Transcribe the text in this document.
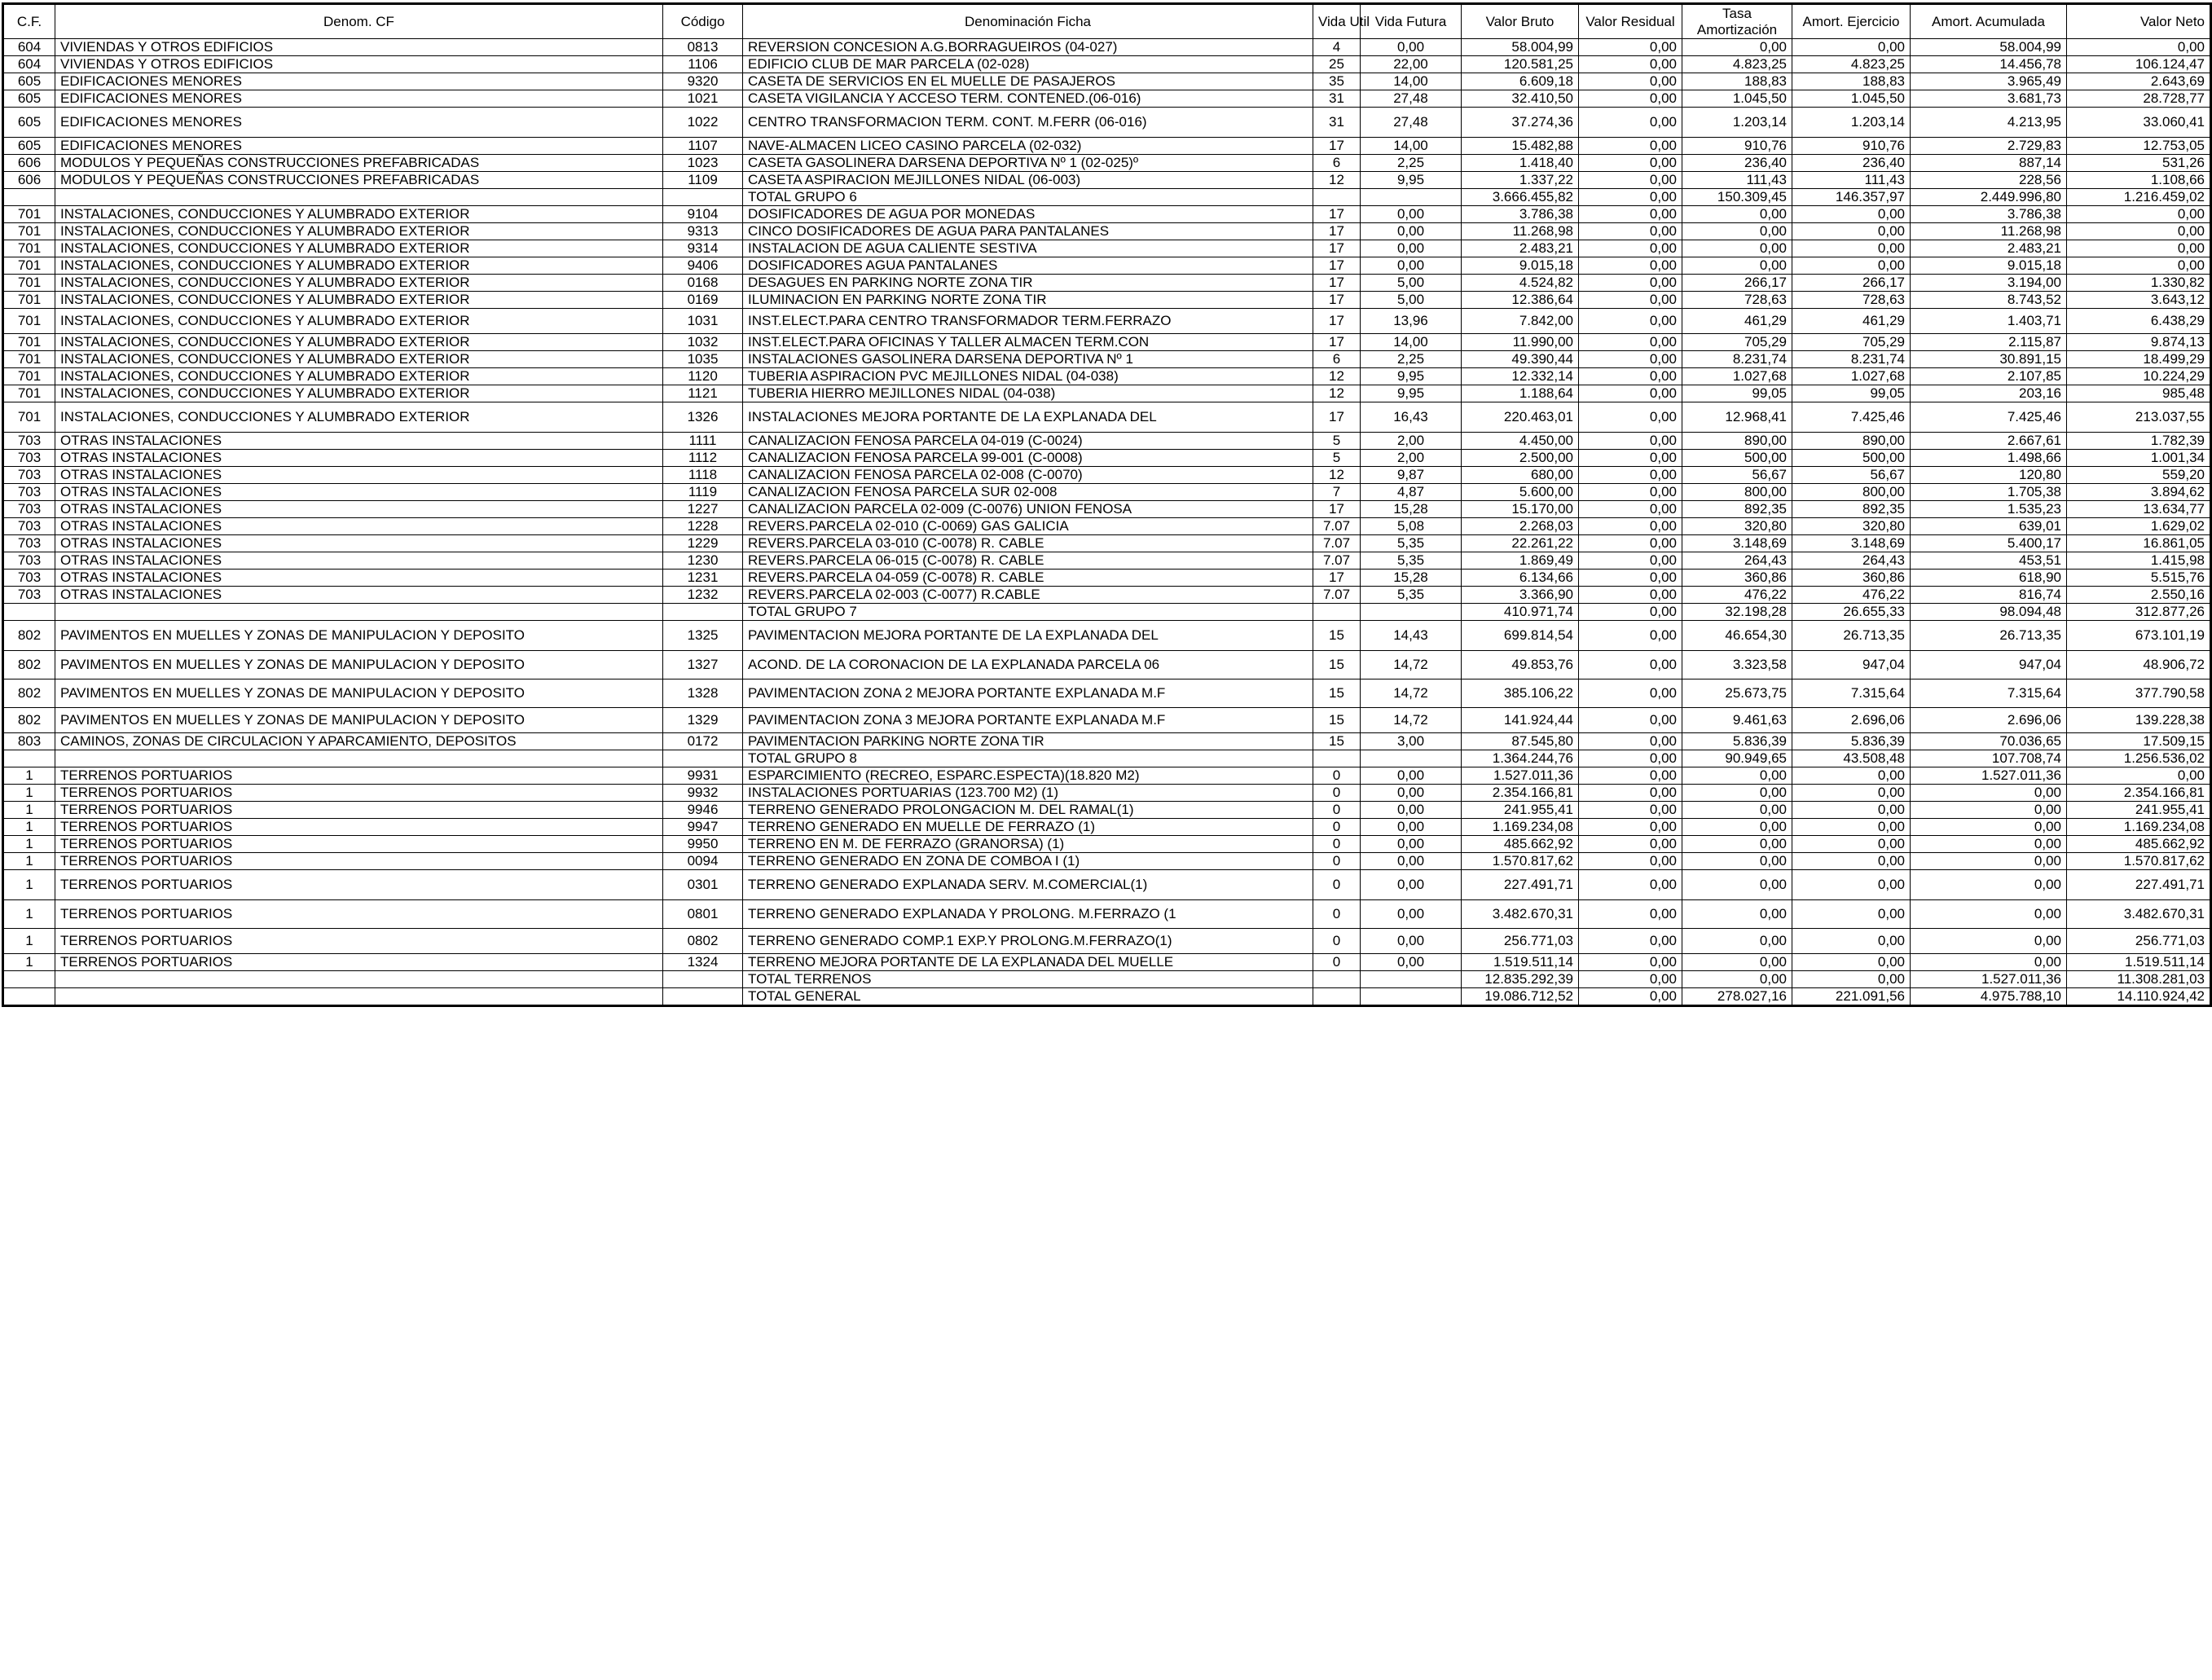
C.F.	Denom. CF	Código	Denominación Ficha	Vida Util	Vida Futura	Valor Bruto	Valor Residual	Tasa Amortización	Amort. Ejercicio	Amort. Acumulada	Valor Neto
604	VIVIENDAS Y OTROS EDIFICIOS	0813	REVERSION CONCESION A.G.BORRAGUEIROS (04-027)	4	0,00	58.004,99	0,00	0,00	0,00	58.004,99	0,00
604	VIVIENDAS Y OTROS EDIFICIOS	1106	EDIFICIO CLUB DE MAR PARCELA (02-028)	25	22,00	120.581,25	0,00	4.823,25	4.823,25	14.456,78	106.124,47
605	EDIFICACIONES MENORES	9320	CASETA DE SERVICIOS EN EL MUELLE DE PASAJEROS	35	14,00	6.609,18	0,00	188,83	188,83	3.965,49	2.643,69
605	EDIFICACIONES MENORES	1021	CASETA VIGILANCIA Y ACCESO TERM. CONTENED.(06-016)	31	27,48	32.410,50	0,00	1.045,50	1.045,50	3.681,73	28.728,77
605	EDIFICACIONES MENORES	1022	CENTRO TRANSFORMACION TERM. CONT. M.FERR (06-016)	31	27,48	37.274,36	0,00	1.203,14	1.203,14	4.213,95	33.060,41
605	EDIFICACIONES MENORES	1107	NAVE-ALMACEN LICEO CASINO PARCELA (02-032)	17	14,00	15.482,88	0,00	910,76	910,76	2.729,83	12.753,05
606	MODULOS Y PEQUEÑAS CONSTRUCCIONES PREFABRICADAS	1023	CASETA GASOLINERA DARSENA DEPORTIVA Nº 1 (02-025)º	6	2,25	1.418,40	0,00	236,40	236,40	887,14	531,26
606	MODULOS Y PEQUEÑAS CONSTRUCCIONES PREFABRICADAS	1109	CASETA ASPIRACION MEJILLONES NIDAL (06-003)	12	9,95	1.337,22	0,00	111,43	111,43	228,56	1.108,66
			TOTAL GRUPO 6			3.666.455,82	0,00	150.309,45	146.357,97	2.449.996,80	1.216.459,02
701	INSTALACIONES, CONDUCCIONES Y ALUMBRADO EXTERIOR	9104	DOSIFICADORES DE AGUA POR MONEDAS	17	0,00	3.786,38	0,00	0,00	0,00	3.786,38	0,00
701	INSTALACIONES, CONDUCCIONES Y ALUMBRADO EXTERIOR	9313	CINCO DOSIFICADORES DE AGUA PARA PANTALANES	17	0,00	11.268,98	0,00	0,00	0,00	11.268,98	0,00
701	INSTALACIONES, CONDUCCIONES Y ALUMBRADO EXTERIOR	9314	INSTALACION DE AGUA CALIENTE SESTIVA	17	0,00	2.483,21	0,00	0,00	0,00	2.483,21	0,00
701	INSTALACIONES, CONDUCCIONES Y ALUMBRADO EXTERIOR	9406	DOSIFICADORES AGUA PANTALANES	17	0,00	9.015,18	0,00	0,00	0,00	9.015,18	0,00
701	INSTALACIONES, CONDUCCIONES Y ALUMBRADO EXTERIOR	0168	DESAGUES EN PARKING NORTE ZONA TIR	17	5,00	4.524,82	0,00	266,17	266,17	3.194,00	1.330,82
701	INSTALACIONES, CONDUCCIONES Y ALUMBRADO EXTERIOR	0169	ILUMINACION EN PARKING NORTE ZONA TIR	17	5,00	12.386,64	0,00	728,63	728,63	8.743,52	3.643,12
701	INSTALACIONES, CONDUCCIONES Y ALUMBRADO EXTERIOR	1031	INST.ELECT.PARA CENTRO TRANSFORMADOR TERM.FERRAZO	17	13,96	7.842,00	0,00	461,29	461,29	1.403,71	6.438,29
701	INSTALACIONES, CONDUCCIONES Y ALUMBRADO EXTERIOR	1032	INST.ELECT.PARA OFICINAS Y TALLER ALMACEN TERM.CON	17	14,00	11.990,00	0,00	705,29	705,29	2.115,87	9.874,13
701	INSTALACIONES, CONDUCCIONES Y ALUMBRADO EXTERIOR	1035	INSTALACIONES GASOLINERA DARSENA DEPORTIVA Nº 1	6	2,25	49.390,44	0,00	8.231,74	8.231,74	30.891,15	18.499,29
701	INSTALACIONES, CONDUCCIONES Y ALUMBRADO EXTERIOR	1120	TUBERIA ASPIRACION PVC MEJILLONES NIDAL (04-038)	12	9,95	12.332,14	0,00	1.027,68	1.027,68	2.107,85	10.224,29
701	INSTALACIONES, CONDUCCIONES Y ALUMBRADO EXTERIOR	1121	TUBERIA HIERRO MEJILLONES NIDAL (04-038)	12	9,95	1.188,64	0,00	99,05	99,05	203,16	985,48
701	INSTALACIONES, CONDUCCIONES Y ALUMBRADO EXTERIOR	1326	INSTALACIONES MEJORA PORTANTE DE LA EXPLANADA DEL	17	16,43	220.463,01	0,00	12.968,41	7.425,46	7.425,46	213.037,55
703	OTRAS INSTALACIONES	1111	CANALIZACION FENOSA PARCELA 04-019 (C-0024)	5	2,00	4.450,00	0,00	890,00	890,00	2.667,61	1.782,39
703	OTRAS INSTALACIONES	1112	CANALIZACION FENOSA PARCELA 99-001 (C-0008)	5	2,00	2.500,00	0,00	500,00	500,00	1.498,66	1.001,34
703	OTRAS INSTALACIONES	1118	CANALIZACION FENOSA PARCELA 02-008 (C-0070)	12	9,87	680,00	0,00	56,67	56,67	120,80	559,20
703	OTRAS INSTALACIONES	1119	CANALIZACION FENOSA PARCELA SUR 02-008	7	4,87	5.600,00	0,00	800,00	800,00	1.705,38	3.894,62
703	OTRAS INSTALACIONES	1227	CANALIZACION PARCELA 02-009 (C-0076) UNION FENOSA	17	15,28	15.170,00	0,00	892,35	892,35	1.535,23	13.634,77
703	OTRAS INSTALACIONES	1228	REVERS.PARCELA 02-010 (C-0069) GAS GALICIA	7.07	5,08	2.268,03	0,00	320,80	320,80	639,01	1.629,02
703	OTRAS INSTALACIONES	1229	REVERS.PARCELA 03-010 (C-0078) R. CABLE	7.07	5,35	22.261,22	0,00	3.148,69	3.148,69	5.400,17	16.861,05
703	OTRAS INSTALACIONES	1230	REVERS.PARCELA 06-015 (C-0078) R. CABLE	7.07	5,35	1.869,49	0,00	264,43	264,43	453,51	1.415,98
703	OTRAS INSTALACIONES	1231	REVERS.PARCELA 04-059 (C-0078) R. CABLE	17	15,28	6.134,66	0,00	360,86	360,86	618,90	5.515,76
703	OTRAS INSTALACIONES	1232	REVERS.PARCELA 02-003 (C-0077) R.CABLE	7.07	5,35	3.366,90	0,00	476,22	476,22	816,74	2.550,16
			TOTAL GRUPO 7			410.971,74	0,00	32.198,28	26.655,33	98.094,48	312.877,26
802	PAVIMENTOS EN MUELLES Y ZONAS DE MANIPULACION Y DEPOSITO	1325	PAVIMENTACION MEJORA PORTANTE DE LA EXPLANADA DEL	15	14,43	699.814,54	0,00	46.654,30	26.713,35	26.713,35	673.101,19
802	PAVIMENTOS EN MUELLES Y ZONAS DE MANIPULACION Y DEPOSITO	1327	ACOND. DE LA CORONACION DE LA EXPLANADA PARCELA 06	15	14,72	49.853,76	0,00	3.323,58	947,04	947,04	48.906,72
802	PAVIMENTOS EN MUELLES Y ZONAS DE MANIPULACION Y DEPOSITO	1328	PAVIMENTACION ZONA 2 MEJORA PORTANTE EXPLANADA M.F	15	14,72	385.106,22	0,00	25.673,75	7.315,64	7.315,64	377.790,58
802	PAVIMENTOS EN MUELLES Y ZONAS DE MANIPULACION Y DEPOSITO	1329	PAVIMENTACION ZONA 3 MEJORA PORTANTE EXPLANADA M.F	15	14,72	141.924,44	0,00	9.461,63	2.696,06	2.696,06	139.228,38
803	CAMINOS, ZONAS DE CIRCULACION Y APARCAMIENTO, DEPOSITOS	0172	PAVIMENTACION PARKING NORTE ZONA TIR	15	3,00	87.545,80	0,00	5.836,39	5.836,39	70.036,65	17.509,15
			TOTAL GRUPO 8			1.364.244,76	0,00	90.949,65	43.508,48	107.708,74	1.256.536,02
1	TERRENOS PORTUARIOS	9931	ESPARCIMIENTO (RECREO, ESPARC.ESPECTA)(18.820 M2)	0	0,00	1.527.011,36	0,00	0,00	0,00	1.527.011,36	0,00
1	TERRENOS PORTUARIOS	9932	INSTALACIONES PORTUARIAS (123.700 M2) (1)	0	0,00	2.354.166,81	0,00	0,00	0,00	0,00	2.354.166,81
1	TERRENOS PORTUARIOS	9946	TERRENO GENERADO PROLONGACION M. DEL RAMAL(1)	0	0,00	241.955,41	0,00	0,00	0,00	0,00	241.955,41
1	TERRENOS PORTUARIOS	9947	TERRENO GENERADO EN MUELLE DE FERRAZO (1)	0	0,00	1.169.234,08	0,00	0,00	0,00	0,00	1.169.234,08
1	TERRENOS PORTUARIOS	9950	TERRENO EN M. DE FERRAZO (GRANORSA) (1)	0	0,00	485.662,92	0,00	0,00	0,00	0,00	485.662,92
1	TERRENOS PORTUARIOS	0094	TERRENO GENERADO EN ZONA DE COMBOA I (1)	0	0,00	1.570.817,62	0,00	0,00	0,00	0,00	1.570.817,62
1	TERRENOS PORTUARIOS	0301	TERRENO GENERADO EXPLANADA SERV. M.COMERCIAL(1)	0	0,00	227.491,71	0,00	0,00	0,00	0,00	227.491,71
1	TERRENOS PORTUARIOS	0801	TERRENO GENERADO EXPLANADA Y PROLONG. M.FERRAZO (1	0	0,00	3.482.670,31	0,00	0,00	0,00	0,00	3.482.670,31
1	TERRENOS PORTUARIOS	0802	TERRENO GENERADO COMP.1 EXP.Y PROLONG.M.FERRAZO(1)	0	0,00	256.771,03	0,00	0,00	0,00	0,00	256.771,03
1	TERRENOS PORTUARIOS	1324	TERRENO MEJORA PORTANTE DE LA EXPLANADA DEL MUELLE	0	0,00	1.519.511,14	0,00	0,00	0,00	0,00	1.519.511,14
			TOTAL TERRENOS			12.835.292,39	0,00	0,00	0,00	1.527.011,36	11.308.281,03
			TOTAL GENERAL			19.086.712,52	0,00	278.027,16	221.091,56	4.975.788,10	14.110.924,42
